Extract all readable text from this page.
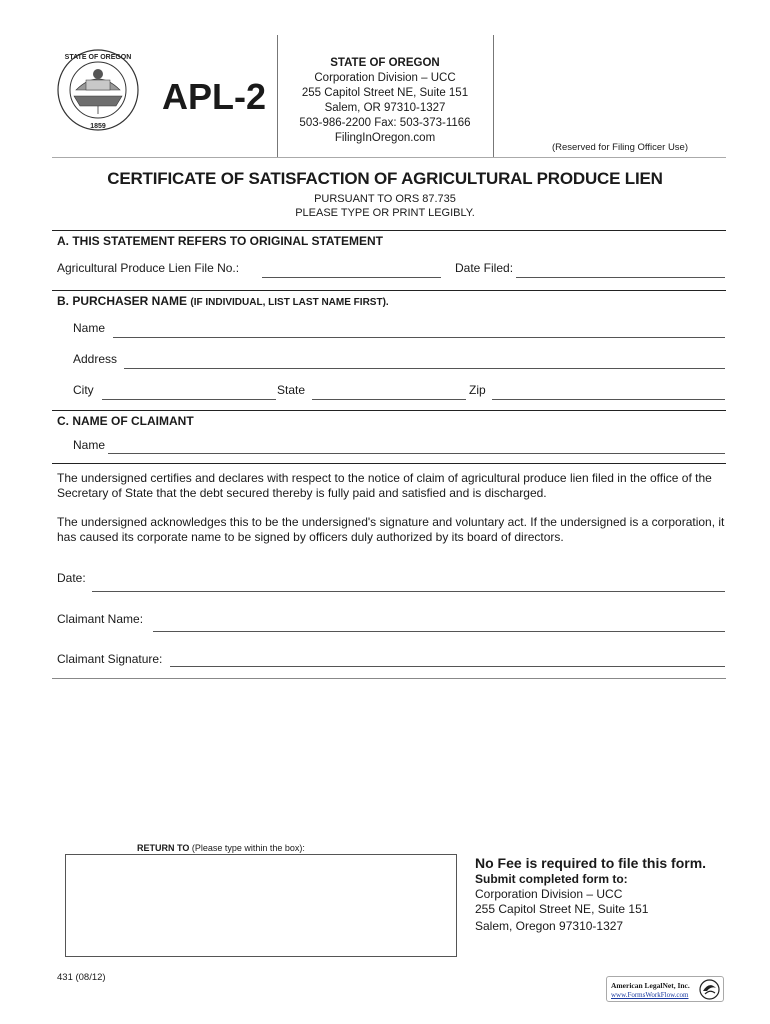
STATE OF OREGON
1859
APL-2
STATE OF OREGON
Corporation Division – UCC
255 Capitol Street NE, Suite 151
Salem, OR 97310-1327
503-986-2200 Fax: 503-373-1166
FilingInOregon.com
(Reserved for Filing Officer Use)
CERTIFICATE OF SATISFACTION OF AGRICULTURAL PRODUCE LIEN
PURSUANT TO ORS 87.735
PLEASE TYPE OR PRINT LEGIBLY.
A. THIS STATEMENT REFERS TO ORIGINAL STATEMENT
Agricultural Produce Lien File No.:	Date Filed:
B. PURCHASER NAME (IF INDIVIDUAL, LIST LAST NAME FIRST).
Name
Address
City	State	Zip
C. NAME OF CLAIMANT
Name
The undersigned certifies and declares with respect to the notice of claim of agricultural produce lien filed in the office of the Secretary of State that the debt secured thereby is fully paid and satisfied and is discharged.
The undersigned acknowledges this to be the undersigned's signature and voluntary act. If the undersigned is a corporation, it has caused its corporate name to be signed by officers duly authorized by its board of directors.
Date:
Claimant Name:
Claimant Signature:
RETURN TO (Please type within the box):
No Fee is required to file this form.
Submit completed form to:
Corporation Division – UCC
255 Capitol Street NE, Suite 151
Salem, Oregon 97310-1327
431 (08/12)
American LegalNet, Inc.
www.FormsWorkFlow.com
